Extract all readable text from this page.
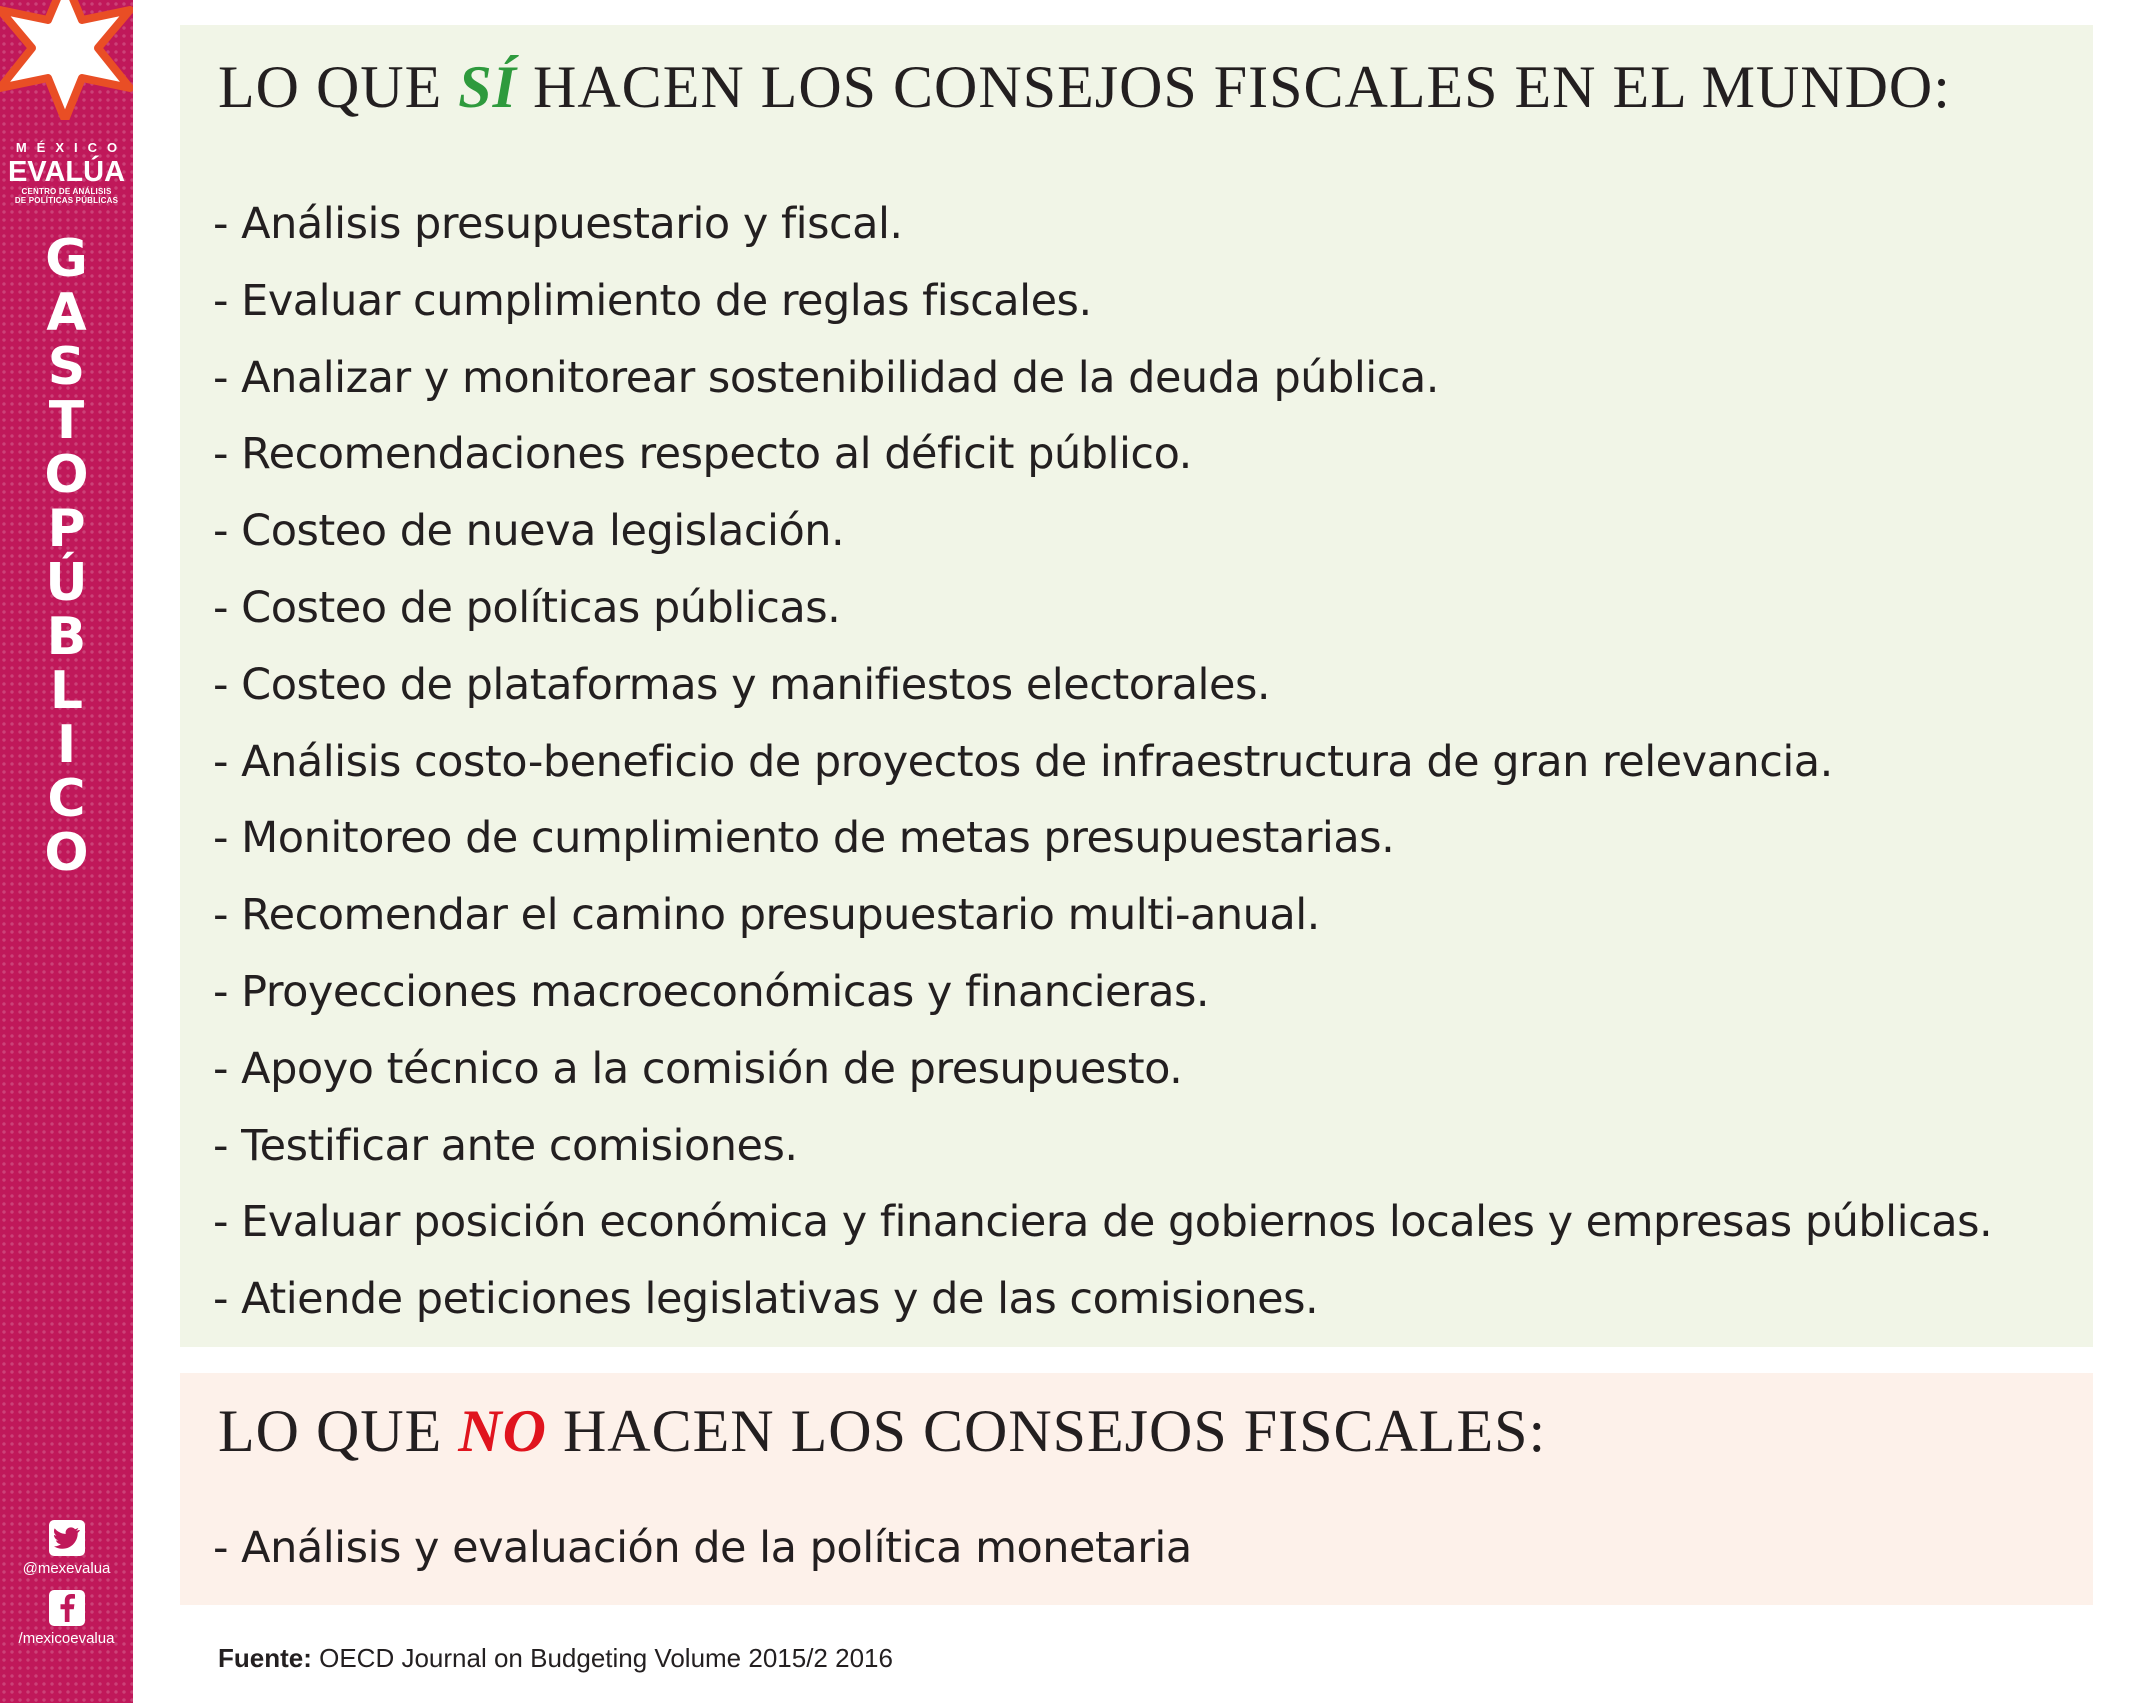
MÉXICO
EVALÚA
CENTRO DE ANÁLISIS
DE POLÍTICAS PÚBLICAS
G
A
S
T
O
P
Ú
B
L
I
C
O
@mexevalua
/mexicoevalua
LO QUE SÍ HACEN LOS CONSEJOS FISCALES EN EL MUNDO:
- Análisis presupuestario y fiscal.
- Evaluar cumplimiento de reglas fiscales.
- Analizar y monitorear sostenibilidad de la deuda pública.
- Recomendaciones respecto al déficit público.
- Costeo de nueva legislación.
- Costeo de políticas públicas.
- Costeo de plataformas y manifiestos electorales.
- Análisis costo-beneficio de proyectos de infraestructura de gran relevancia.
- Monitoreo de cumplimiento de metas presupuestarias.
- Recomendar el camino presupuestario multi-anual.
- Proyecciones macroeconómicas y financieras.
- Apoyo técnico a la comisión de presupuesto.
- Testificar ante comisiones.
- Evaluar posición económica y financiera de gobiernos locales y empresas públicas.
- Atiende peticiones legislativas y de las comisiones.
LO QUE NO HACEN LOS CONSEJOS FISCALES:
- Análisis y evaluación de la política monetaria
Fuente: OECD Journal on Budgeting Volume 2015/2 2016
